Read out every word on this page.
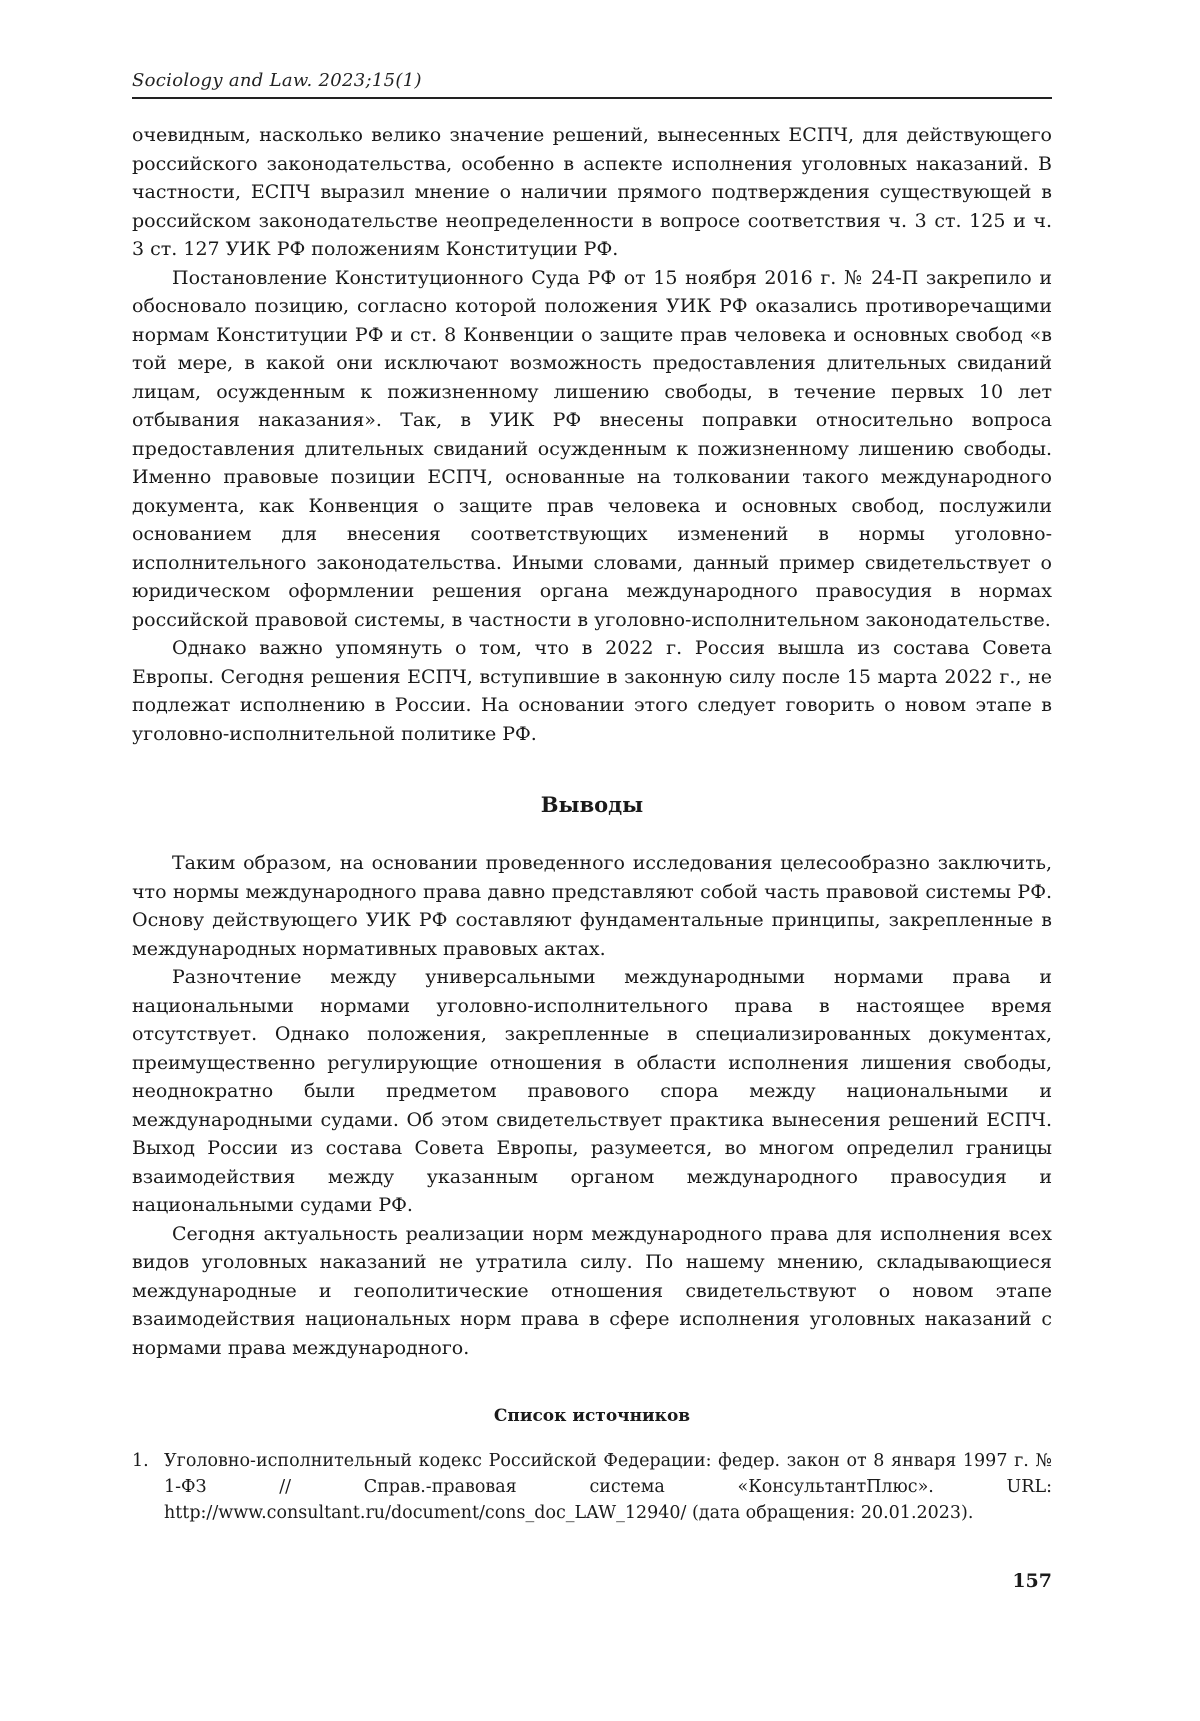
Sociology and Law. 2023;15(1)

очевидным, насколько велико значение решений, вынесенных ЕСПЧ, для действующего российского законодательства, особенно в аспекте исполнения уголовных наказаний. В частности, ЕСПЧ выразил мнение о наличии прямого подтверждения существующей в российском законодательстве неопределенности в вопросе соответствия ч. 3 ст. 125 и ч. 3 ст. 127 УИК РФ положениям Конституции РФ.

Постановление Конституционного Суда РФ от 15 ноября 2016 г. № 24-П закрепило и обосновало позицию, согласно которой положения УИК РФ оказались противоречащими нормам Конституции РФ и ст. 8 Конвенции о защите прав человека и основных свобод «в той мере, в какой они исключают возможность предоставления длительных свиданий лицам, осужденным к пожизненному лишению свободы, в течение первых 10 лет отбывания наказания». Так, в УИК РФ внесены поправки относительно вопроса предоставления длительных свиданий осужденным к пожизненному лишению свободы. Именно правовые позиции ЕСПЧ, основанные на толковании такого международного документа, как Конвенция о защите прав человека и основных свобод, послужили основанием для внесения соответствующих изменений в нормы уголовно-исполнительного законодательства. Иными словами, данный пример свидетельствует о юридическом оформлении решения органа международного правосудия в нормах российской правовой системы, в частности в уголовно-исполнительном законодательстве.

Однако важно упомянуть о том, что в 2022 г. Россия вышла из состава Совета Европы. Сегодня решения ЕСПЧ, вступившие в законную силу после 15 марта 2022 г., не подлежат исполнению в России. На основании этого следует говорить о новом этапе в уголовно-исполнительной политике РФ.

Выводы

Таким образом, на основании проведенного исследования целесообразно заключить, что нормы международного права давно представляют собой часть правовой системы РФ. Основу действующего УИК РФ составляют фундаментальные принципы, закрепленные в международных нормативных правовых актах.

Разночтение между универсальными международными нормами права и национальными нормами уголовно-исполнительного права в настоящее время отсутствует. Однако положения, закрепленные в специализированных документах, преимущественно регулирующие отношения в области исполнения лишения свободы, неоднократно были предметом правового спора между национальными и международными судами. Об этом свидетельствует практика вынесения решений ЕСПЧ. Выход России из состава Совета Европы, разумеется, во многом определил границы взаимодействия между указанным органом международного правосудия и национальными судами РФ.

Сегодня актуальность реализации норм международного права для исполнения всех видов уголовных наказаний не утратила силу. По нашему мнению, складывающиеся международные и геополитические отношения свидетельствуют о новом этапе взаимодействия национальных норм права в сфере исполнения уголовных наказаний с нормами права международного.

Список источников
1. Уголовно-исполнительный кодекс Российской Федерации: федер. закон от 8 января 1997 г. № 1-ФЗ // Справ.-правовая система «КонсультантПлюс». URL: http://www.consultant.ru/document/cons_doc_LAW_12940/ (дата обращения: 20.01.2023).
157
